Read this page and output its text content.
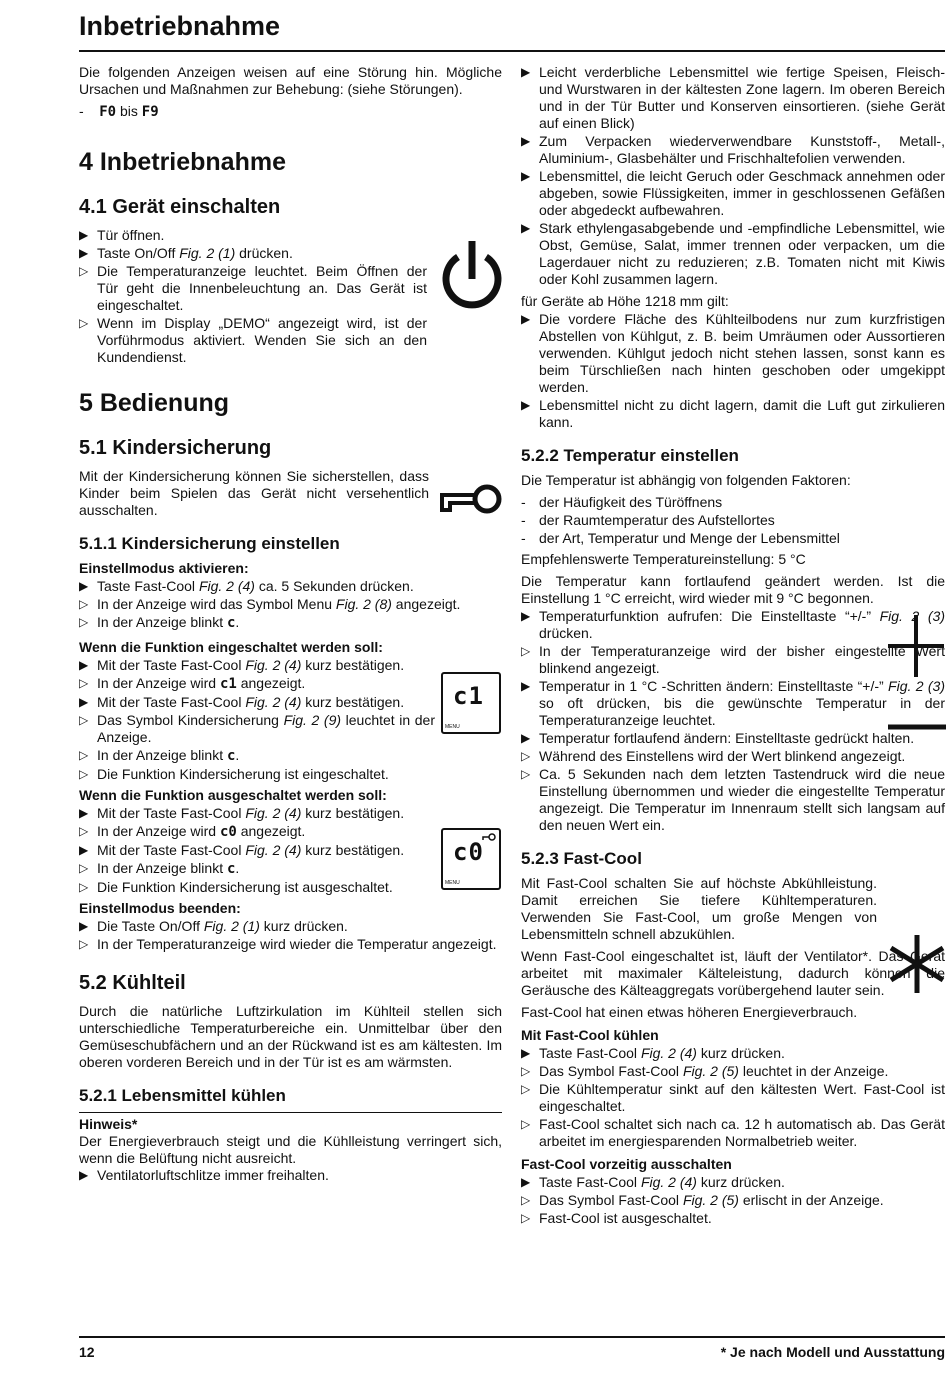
Inbetriebnahme

Die folgenden Anzeigen weisen auf eine Störung hin. Mögliche Ursachen und Maßnahmen zur Behebung: (siehe Störungen).

- F0 bis F9
4 Inbetriebnahme
4.1 Gerät einschalten
▶ Tür öffnen.
▶ Taste On/Off Fig. 2 (1) drücken.
▷ Die Temperaturanzeige leuchtet. Beim Öffnen der Tür geht die Innenbeleuchtung an. Das Gerät ist eingeschaltet.
▷ Wenn im Display „DEMO“ angezeigt wird, ist der Vorführmodus aktiviert. Wenden Sie sich an den Kundendienst.
5 Bedienung
5.1 Kindersicherung

Mit der Kindersicherung können Sie sicherstellen, dass Kinder beim Spielen das Gerät nicht versehentlich ausschalten.

5.1.1 Kindersicherung einstellen
Einstellmodus aktivieren:
▶ Taste Fast-Cool Fig. 2 (4) ca. 5 Sekunden drücken.
▷ In der Anzeige wird das Symbol Menu Fig. 2 (8) angezeigt.
▷ In der Anzeige blinkt c.
Wenn die Funktion eingeschaltet werden soll:
▶ Mit der Taste Fast-Cool Fig. 2 (4) kurz bestätigen.
▷ In der Anzeige wird c1 angezeigt.
▶ Mit der Taste Fast-Cool Fig. 2 (4) kurz bestätigen.
▷ Das Symbol Kindersicherung Fig. 2 (9) leuchtet in der Anzeige.
▷ In der Anzeige blinkt c.
▷ Die Funktion Kindersicherung ist eingeschaltet.
Wenn die Funktion ausgeschaltet werden soll:
▶ Mit der Taste Fast-Cool Fig. 2 (4) kurz bestätigen.
▷ In der Anzeige wird c0 angezeigt.
▶ Mit der Taste Fast-Cool Fig. 2 (4) kurz bestätigen.
▷ In der Anzeige blinkt c.
▷ Die Funktion Kindersicherung ist ausgeschaltet.
Einstellmodus beenden:
▶ Die Taste On/Off Fig. 2 (1) kurz drücken.
▷ In der Temperaturanzeige wird wieder die Temperatur angezeigt.
5.2 Kühlteil

Durch die natürliche Luftzirkulation im Kühlteil stellen sich unterschiedliche Temperaturbereiche ein. Unmittelbar über den Gemüseschubfächern und an der Rückwand ist es am kältesten. Im oberen vorderen Bereich und in der Tür ist es am wärmsten.

5.2.1 Lebensmittel kühlen
Hinweis*

Der Energieverbrauch steigt und die Kühlleistung verringert sich, wenn die Belüftung nicht ausreicht.

▶ Ventilatorluftschlitze immer freihalten.
▶ Leicht verderbliche Lebensmittel wie fertige Speisen, Fleisch- und Wurstwaren in der kältesten Zone lagern. Im oberen Bereich und in der Tür Butter und Konserven einsortieren. (siehe Gerät auf einen Blick)
▶ Zum Verpacken wiederverwendbare Kunststoff-, Metall-, Aluminium-, Glasbehälter und Frischhaltefolien verwenden.
▶ Lebensmittel, die leicht Geruch oder Geschmack annehmen oder abgeben, sowie Flüssigkeiten, immer in geschlossenen Gefäßen oder abgedeckt aufbewahren.
▶ Stark ethylengasabgebende und -empfindliche Lebensmittel, wie Obst, Gemüse, Salat, immer trennen oder verpacken, um die Lagerdauer nicht zu reduzieren; z.B. Tomaten nicht mit Kiwis oder Kohl zusammen lagern.

für Geräte ab Höhe 1218 mm gilt:

▶ Die vordere Fläche des Kühlteilbodens nur zum kurzfristigen Abstellen von Kühlgut, z. B. beim Umräumen oder Aussortieren verwenden. Kühlgut jedoch nicht stehen lassen, sonst kann es beim Türschließen nach hinten geschoben oder umgekippt werden.
▶ Lebensmittel nicht zu dicht lagern, damit die Luft gut zirkulieren kann.
5.2.2 Temperatur einstellen

Die Temperatur ist abhängig von folgenden Faktoren:

- der Häufigkeit des Türöffnens
- der Raumtemperatur des Aufstellortes
- der Art, Temperatur und Menge der Lebensmittel

Empfehlenswerte Temperatureinstellung: 5 °C

Die Temperatur kann fortlaufend geändert werden. Ist die Einstellung 1 °C erreicht, wird wieder mit 9 °C begonnen.

▶ Temperaturfunktion aufrufen: Die Einstelltaste “+/-” Fig. 2 (3) drücken.
▷ In der Temperaturanzeige wird der bisher eingestellte Wert blinkend angezeigt.
▶ Temperatur in 1 °C -Schritten ändern: Einstelltaste “+/-” Fig. 2 (3) so oft drücken, bis die gewünschte Temperatur in der Temperaturanzeige leuchtet.
▶ Temperatur fortlaufend ändern: Einstelltaste gedrückt halten.
▷ Während des Einstellens wird der Wert blinkend angezeigt.
▷ Ca. 5 Sekunden nach dem letzten Tastendruck wird die neue Einstellung übernommen und wieder die eingestellte Temperatur angezeigt. Die Temperatur im Innenraum stellt sich langsam auf den neuen Wert ein.
5.2.3 Fast-Cool

Mit Fast-Cool schalten Sie auf höchste Abkühlleistung. Damit erreichen Sie tiefere Kühltemperaturen. Verwenden Sie Fast-Cool, um große Mengen von Lebensmitteln schnell abzukühlen.

Wenn Fast-Cool eingeschaltet ist, läuft der Ventilator*. Das Gerät arbeitet mit maximaler Kälteleistung, dadurch können die Geräusche des Kälteaggregats vorübergehend lauter sein.

Fast-Cool hat einen etwas höheren Energieverbrauch.

Mit Fast-Cool kühlen
▶ Taste Fast-Cool Fig. 2 (4) kurz drücken.
▷ Das Symbol Fast-Cool Fig. 2 (5) leuchtet in der Anzeige.
▷ Die Kühltemperatur sinkt auf den kältesten Wert. Fast-Cool ist eingeschaltet.
▷ Fast-Cool schaltet sich nach ca. 12 h automatisch ab. Das Gerät arbeitet im energiesparenden Normalbetrieb weiter.
Fast-Cool vorzeitig ausschalten
▶ Taste Fast-Cool Fig. 2 (4) kurz drücken.
▷ Das Symbol Fast-Cool Fig. 2 (5) erlischt in der Anzeige.
▷ Fast-Cool ist ausgeschaltet.
c1
MENU
c0
MENU
12	* Je nach Modell und Ausstattung
